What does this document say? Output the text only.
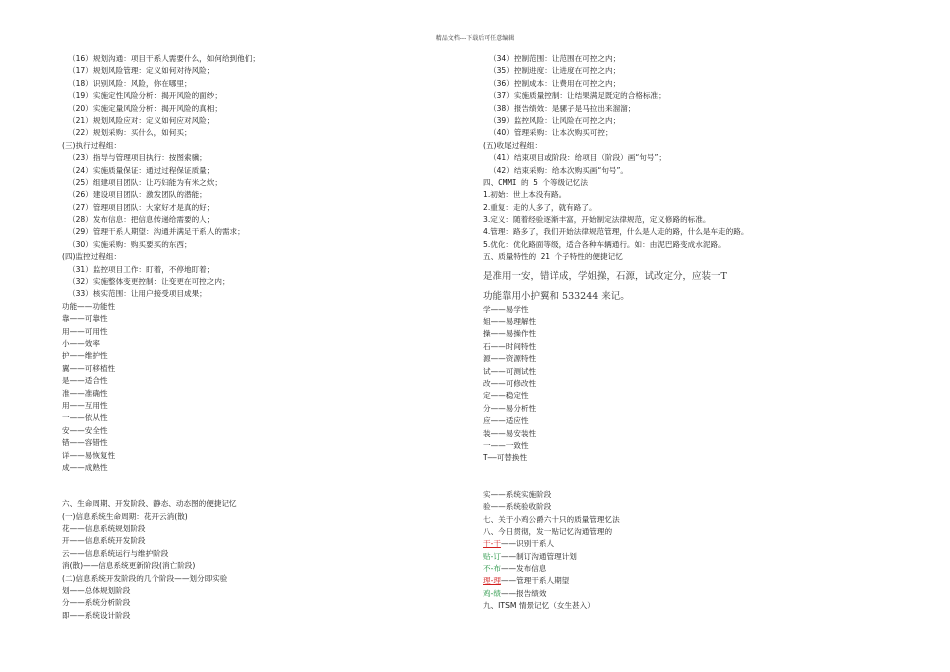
精品文档---下载后可任意编辑
（16）规划沟通：项目干系人需要什么，如何给到他们；
（17）规划风险管理：定义如何对待风险；
（18）识别风险：风险，你在哪里；
（19）实施定性风险分析：揭开风险的面纱；
（20）实施定量风险分析：揭开风险的真相；
（21）规划风险应对：定义如何应对风险；
（22）规划采购：买什么，如何买；
(三)执行过程组：
（23）指导与管理项目执行：按图索骥；
（24）实施质量保证：通过过程保证质量；
（25）组建项目团队：让巧妇能为有米之炊；
（26）建设项目团队：激发团队的潜能；
（27）管理项目团队：大家好才是真的好；
（28）发布信息：把信息传递给需要的人；
（29）管理干系人期望：沟通并满足干系人的需求；
（30）实施采购：购买要买的东西；
(四)监控过程组：
（31）监控项目工作：盯着，不停地盯着；
（32）实施整体变更控制：让变更在可控之内；
（33）核实范围：让用户接受项目成果；
功能——功能性
靠——可靠性
用——可用性
小——效率
护——维护性
翼——可移植性
是——适合性
准——准确性
用——互用性
一——依从性
安——安全性
错——容错性
详——易恢复性
成——成熟性
六、生命周期、开发阶段、静态、动态图的便捷记忆
(一)信息系统生命周期：花开云消(散)
花——信息系统规划阶段
开——信息系统开发阶段
云——信息系统运行与维护阶段
消(散)——信息系统更新阶段(消亡阶段)
(二)信息系统开发阶段的几个阶段——划分即实验
划——总体规划阶段
分——系统分析阶段
即——系统设计阶段
（34）控制范围：让范围在可控之内；
（35）控制进度：让进度在可控之内；
（36）控制成本：让费用在可控之内；
（37）实施质量控制：让结果满足既定的合格标准；
（38）报告绩效：是骡子是马拉出来溜溜；
（39）监控风险：让风险在可控之内；
（40）管理采购：让本次购买可控；
(五)收尾过程组：
（41）结束项目或阶段：给项目（阶段）画“句号”；
（42）结束采购：给本次购买画“句号”。
四、CMMI 的 5 个等级记忆法
1.初始：世上本没有路。
2.重复：走的人多了，就有路了。
3.定义：随着经验逐渐丰富，开始制定法律规范，定义修路的标准。
4.管理：路多了，我们开始法律规范管理，什么是人走的路，什么是车走的路。
5.优化：优化路面等级，适合各种车辆通行。如：由泥巴路变成水泥路。
五、质量特性的 21 个子特性的便捷记忆
是准用一安，错详成，学姐操，石源，试改定分，应装一T
功能靠用小护翼和 533244 来记。
学——易学性
姐——易理解性
操——易操作性
石——时间特性
源——资源特性
试——可测试性
改——可修改性
定——稳定性
分——易分析性
应——适应性
装——易安装性
一——一致性
T——可替换性
实——系统实施阶段
验——系统验收阶段
七、关于小鸡公爵六十只的质量管理忆法
八、今日贯彻，发一贴记忆沟通管理的
干-干——识别干系人
贴-订——制订沟通管理计划
不-布——发布信息
理-理——管理干系人期望
鸡-绩——报告绩效
九、ITSM 情景记忆（女生甚入）
